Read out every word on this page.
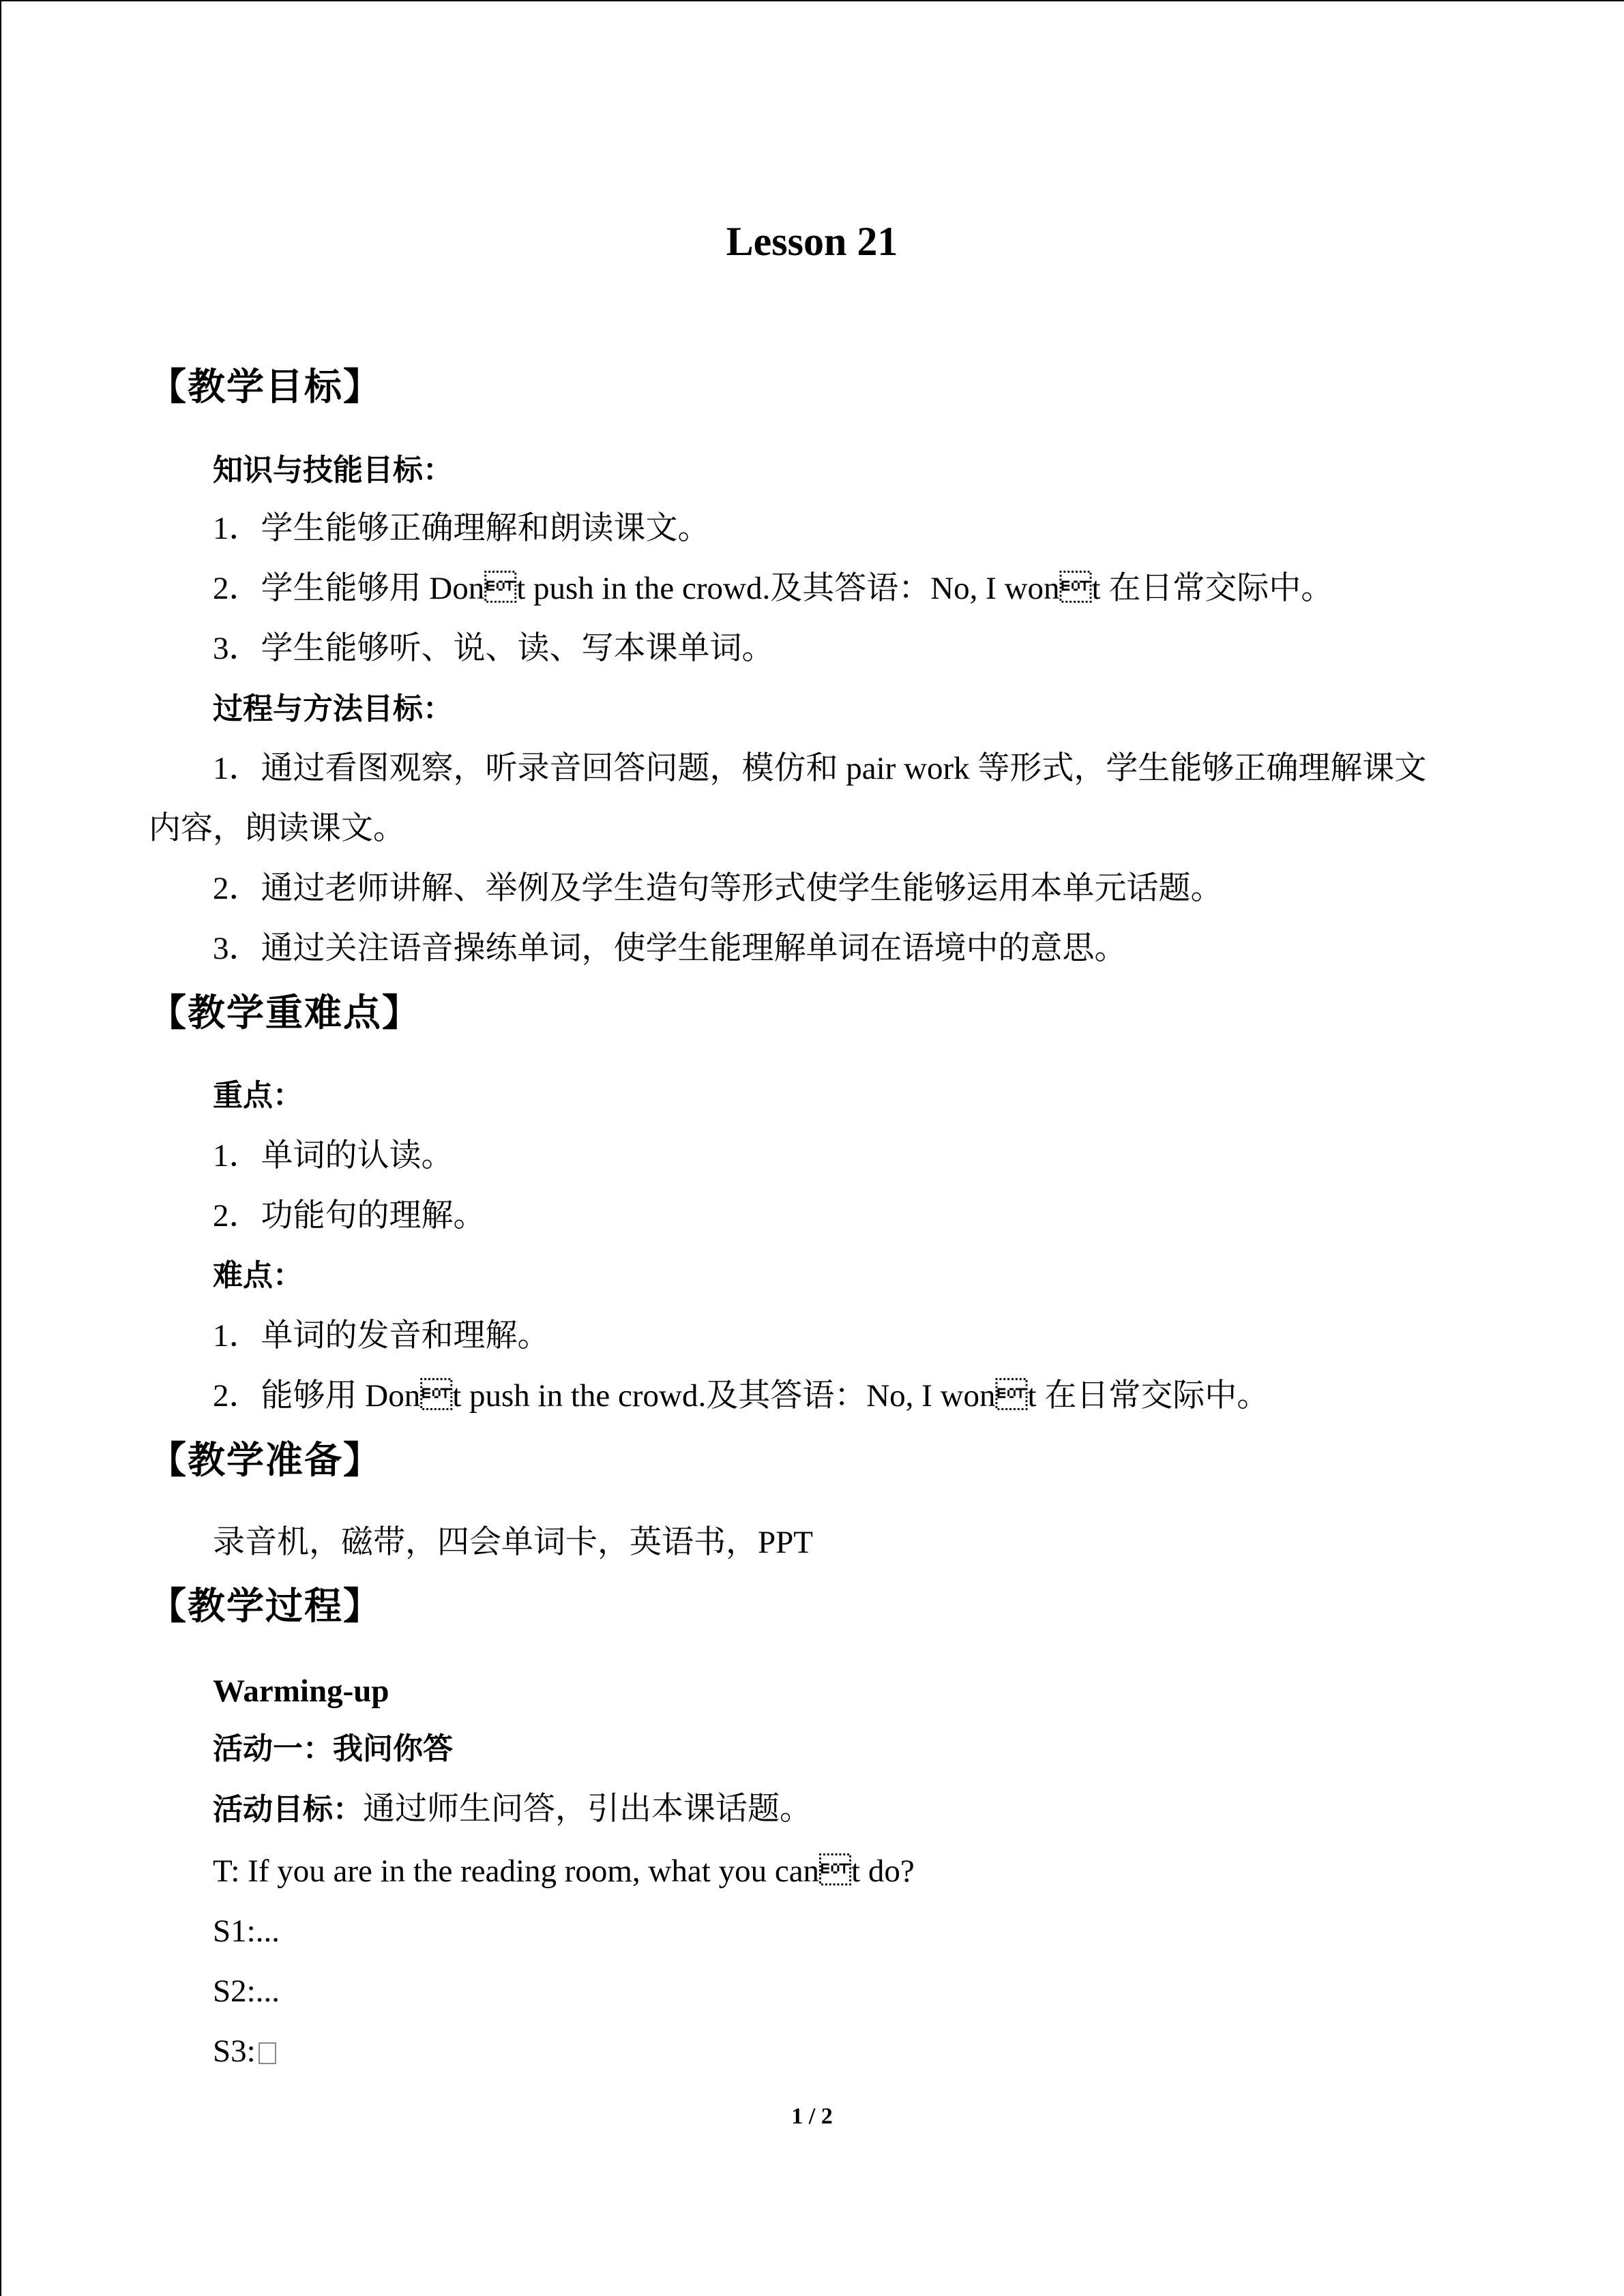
Lesson 21
【教学目标】
知识与技能目标：
1．学生能够正确理解和朗读课文。
2．学生能够用 Dont push in the crowd.及其答语：No, I wont 在日常交际中。
3．学生能够听、说、读、写本课单词。
过程与方法目标：
1．通过看图观察，听录音回答问题，模仿和 pair work 等形式，学生能够正确理解课文
内容，朗读课文。
2．通过老师讲解、举例及学生造句等形式使学生能够运用本单元话题。
3．通过关注语音操练单词，使学生能理解单词在语境中的意思。
【教学重难点】
重点：
1．单词的认读。
2．功能句的理解。
难点：
1．单词的发音和理解。
2．能够用 Dont push in the crowd.及其答语：No, I wont 在日常交际中。
【教学准备】
录音机，磁带，四会单词卡，英语书，PPT
【教学过程】
Warming-up
活动一：我问你答
活动目标：通过师生问答，引出本课话题。
T: If you are in the reading room, what you cant do?
S1:...
S2:...
S3:
1 / 2
